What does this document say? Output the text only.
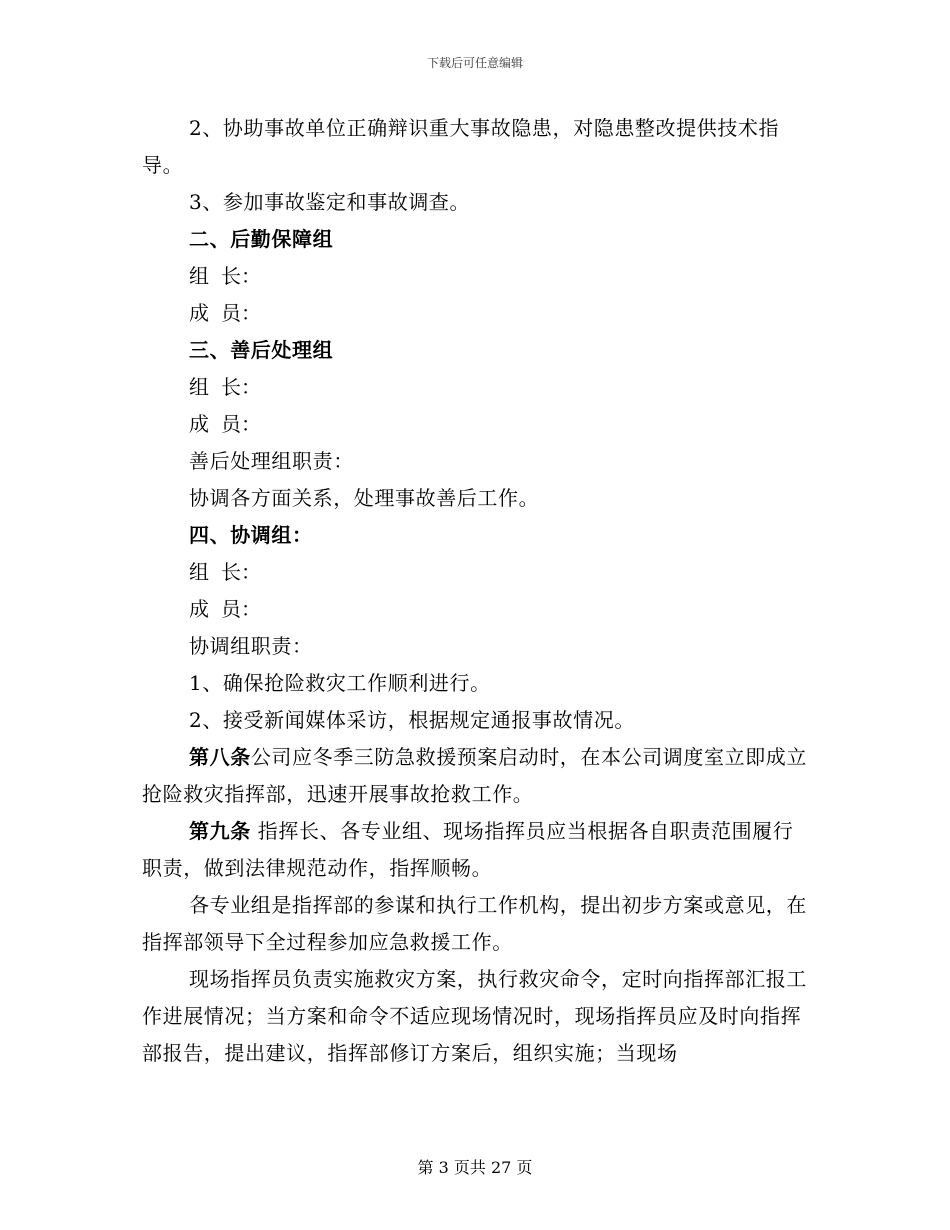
下载后可任意编辑

2、协助事故单位正确辩识重大事故隐患，对隐患整改提供技术指导。

3、参加事故鉴定和事故调查。

二、后勤保障组

组 长：

成 员：

三、善后处理组

组 长：

成 员：

善后处理组职责：

协调各方面关系，处理事故善后工作。

四、协调组：

组 长：

成 员：

协调组职责：

1、确保抢险救灾工作顺利进行。

2、接受新闻媒体采访，根据规定通报事故情况。

第八条公司应冬季三防急救援预案启动时，在本公司调度室立即成立抢险救灾指挥部，迅速开展事故抢救工作。

第九条 指挥长、各专业组、现场指挥员应当根据各自职责范围履行职责，做到法律规范动作，指挥顺畅。

各专业组是指挥部的参谋和执行工作机构，提出初步方案或意见，在指挥部领导下全过程参加应急救援工作。

现场指挥员负责实施救灾方案，执行救灾命令，定时向指挥部汇报工作进展情况；当方案和命令不适应现场情况时，现场指挥员应及时向指挥部报告，提出建议，指挥部修订方案后，组织实施；当现场

第 3 页共 27 页
